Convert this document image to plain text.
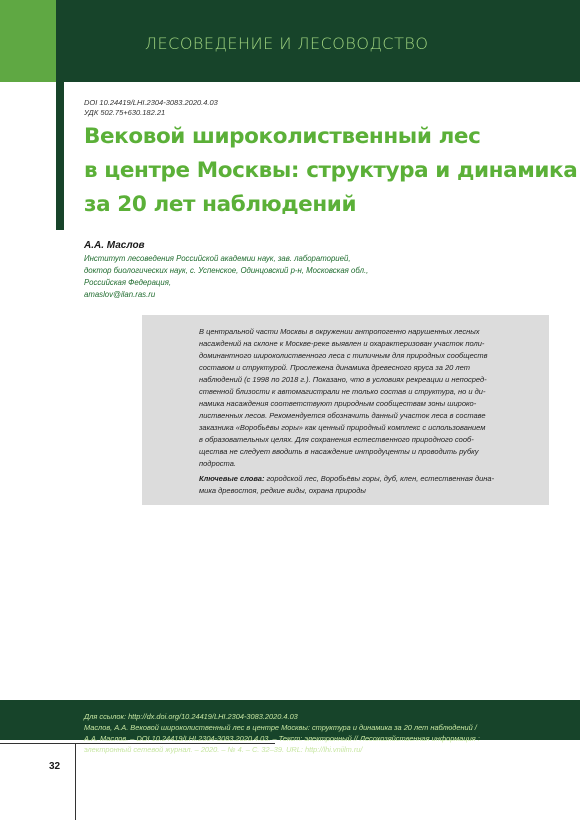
ЛЕСОВЕДЕНИЕ И ЛЕСОВОДСТВО
DOI 10.24419/LHI.2304-3083.2020.4.03
УДК 502.75+630.182.21
Вековой широколиственный лес
в центре Москвы: структура и динамика
за 20 лет наблюдений
А.А. Маслов
Институт лесоведения Российской академии наук, зав. лабораторией,
доктор биологических наук, с. Успенское, Одинцовский р-н, Московская обл.,
Российская Федерация,
amaslov@ilan.ras.ru
В центральной части Москвы в окружении антропогенно нарушенных лесных
насаждений на склоне к Москве-реке выявлен и охарактеризован участок поли-
доминантного широколиственного леса с типичным для природных сообществ
составом и структурой. Прослежена динамика древесного яруса за 20 лет
наблюдений (с 1998 по 2018 г.). Показано, что в условиях рекреации и непосред-
ственной близости к автомагистрали не только состав и структура, но и ди-
намика насаждения соответствуют природным сообществам зоны широко-
лиственных лесов. Рекомендуется обозначить данный участок леса в составе
заказника «Воробьёвы горы» как ценный природный комплекс с использованием
в образовательных целях. Для сохранения естественного природного сооб-
щества не следует вводить в насаждение интродуценты и проводить рубку
подроста.
Ключевые слова: городской лес, Воробьёвы горы, дуб, клен, естественная дина-
мика древостоя, редкие виды, охрана природы
Для ссылок: http://dx.doi.org/10.24419/LHI.2304-3083.2020.4.03
Маслов, А.А. Вековой широколиственный лес в центре Москвы: структура и динамика за 20 лет наблюдений /
А.А. Маслов. – DOI 10.24419/LHI.2304-3083.2020.4.03. – Текст: электронный // Лесохозяйственная информация :
электронный сетевой журнал. – 2020. – № 4. – С. 32–39. URL: http://lhi.vniilm.ru/
32
